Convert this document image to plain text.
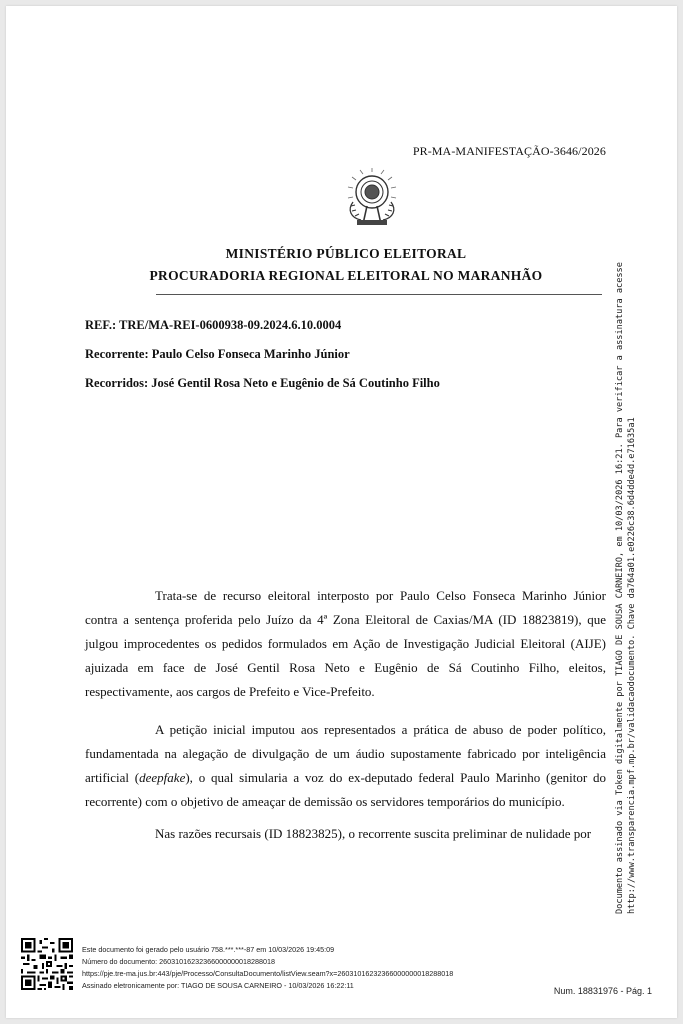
PR-MA-MANIFESTAÇÃO-3646/2026
MINISTÉRIO PÚBLICO ELEITORAL
PROCURADORIA REGIONAL ELEITORAL NO MARANHÃO
REF.: TRE/MA-REI-0600938-09.2024.6.10.0004
Recorrente: Paulo Celso Fonseca Marinho Júnior
Recorridos: José Gentil Rosa Neto e Eugênio de Sá Coutinho Filho
Trata-se de recurso eleitoral interposto por Paulo Celso Fonseca Marinho Júnior contra a sentença proferida pelo Juízo da 4ª Zona Eleitoral de Caxias/MA (ID 18823819), que julgou improcedentes os pedidos formulados em Ação de Investigação Judicial Eleitoral (AIJE) ajuizada em face de José Gentil Rosa Neto e Eugênio de Sá Coutinho Filho, eleitos, respectivamente, aos cargos de Prefeito e Vice-Prefeito.
A petição inicial imputou aos representados a prática de abuso de poder político, fundamentada na alegação de divulgação de um áudio supostamente fabricado por inteligência artificial (deepfake), o qual simularia a voz do ex-deputado federal Paulo Marinho (genitor do recorrente) com o objetivo de ameaçar de demissão os servidores temporários do município.
Nas razões recursais (ID 18823825), o recorrente suscita preliminar de nulidade por	Documento assinado via Token digitalmente por TIAGO DE SOUSA CARNEIRO, em 10/03/2026 16:21. Para verificar a assinatura acesse http://www.transparencia.mpf.mp.br/validacaodocumento. Chave da764a01.e0226c38.6d4dde4d.e71635a1
Este documento foi gerado pelo usuário 758.***.***-87 em 10/03/2026 19:45:09
Número do documento: 26031016232366000000018288018
https://pje.tre-ma.jus.br:443/pje/Processo/ConsultaDocumento/listView.seam?x=26031016232366000000018288018
Assinado eletronicamente por: TIAGO DE SOUSA CARNEIRO - 10/03/2026 16:22:11
Num. 18831976 - Pág. 1
